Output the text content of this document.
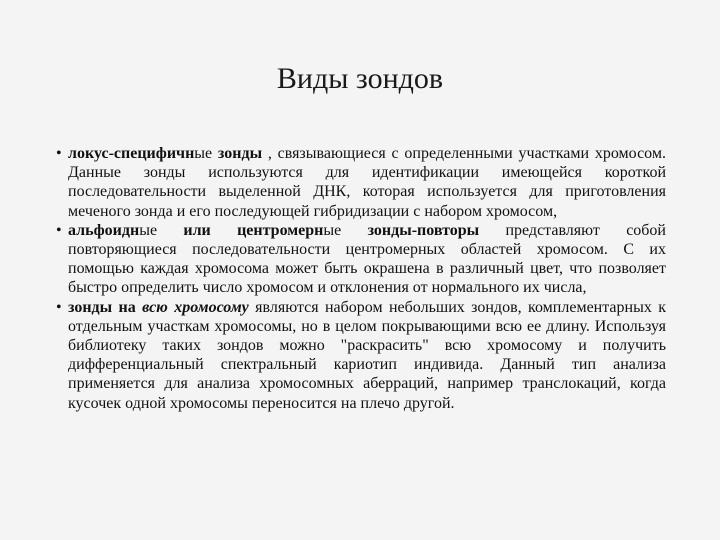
Виды зондов
• локус-специфичные зонды , связывающиеся с определенными участками хромосом. Данные зонды используются для идентификации имеющейся короткой последовательности выделенной ДНК, которая используется для приготовления меченого зонда и его последующей гибридизации с набором хромосом,
• альфоидные или центромерные зонды-повторы представляют собой повторяющиеся последовательности центромерных областей хромосом. С их помощью каждая хромосома может быть окрашена в различный цвет, что позволяет быстро определить число хромосом и отклонения от нормального их числа,
• зонды на всю хромосому являются набором небольших зондов, комплементарных к отдельным участкам хромосомы, но в целом покрывающими всю ее длину. Используя библиотеку таких зондов можно "раскрасить" всю хромосому и получить дифференциальный спектральный кариотип индивида. Данный тип анализа применяется для анализа хромосомных аберраций, например транслокаций, когда кусочек одной хромосомы переносится на плечо другой.
